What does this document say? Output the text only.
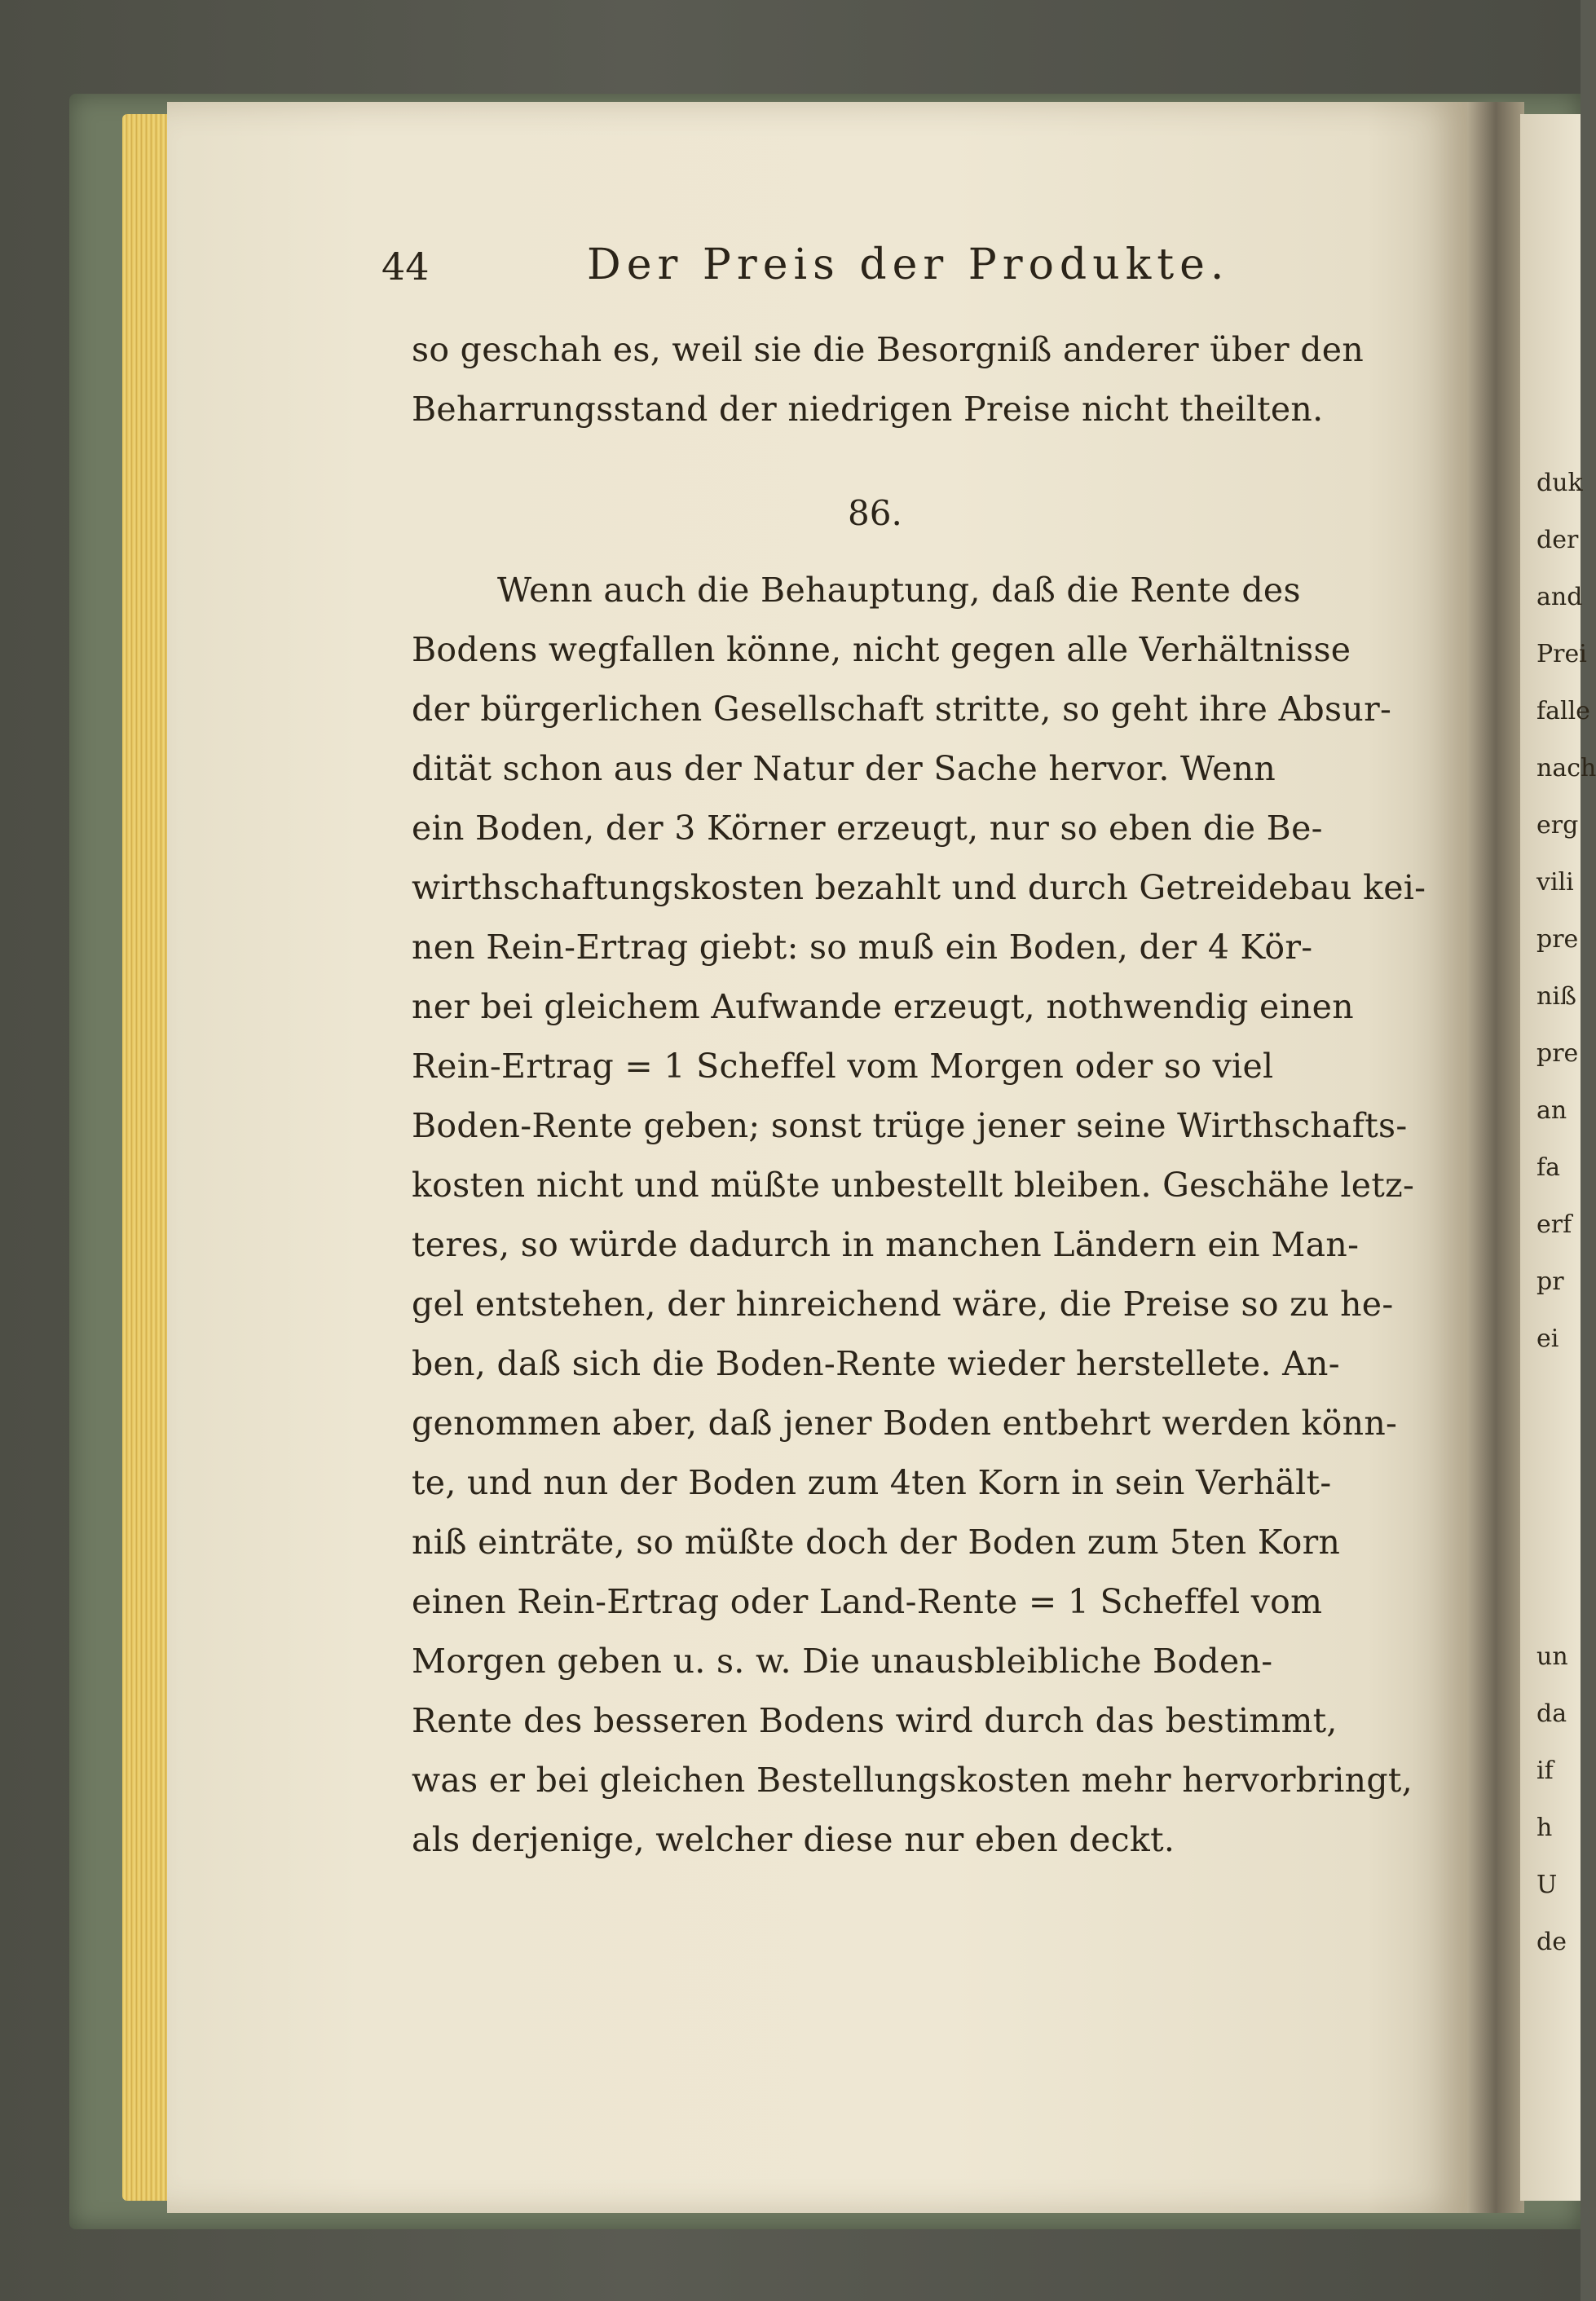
44	Der Preis der Produkte.
so geschah es, weil sie die Besorgniß anderer über den
Beharrungsstand der niedrigen Preise nicht theilten.
86.
Wenn auch die Behauptung, daß die Rente des
Bodens wegfallen könne, nicht gegen alle Verhältnisse
der bürgerlichen Gesellschaft stritte, so geht ihre Absur-
dität schon aus der Natur der Sache hervor. Wenn
ein Boden, der 3 Körner erzeugt, nur so eben die Be-
wirthschaftungskosten bezahlt und durch Getreidebau kei-
nen Rein-Ertrag giebt: so muß ein Boden, der 4 Kör-
ner bei gleichem Aufwande erzeugt, nothwendig einen
Rein-Ertrag = 1 Scheffel vom Morgen oder so viel
Boden-Rente geben; sonst trüge jener seine Wirthschafts-
kosten nicht und müßte unbestellt bleiben. Geschähe letz-
teres, so würde dadurch in manchen Ländern ein Man-
gel entstehen, der hinreichend wäre, die Preise so zu he-
ben, daß sich die Boden-Rente wieder herstellete. An-
genommen aber, daß jener Boden entbehrt werden könn-
te, und nun der Boden zum 4ten Korn in sein Verhält-
niß einträte, so müßte doch der Boden zum 5ten Korn
einen Rein-Ertrag oder Land-Rente = 1 Scheffel vom
Morgen geben u. s. w. Die unausbleibliche Boden-
Rente des besseren Bodens wird durch das bestimmt,
was er bei gleichen Bestellungskosten mehr hervorbringt,
als derjenige, welcher diese nur eben deckt.
duk
der
and
Prei
falle
nach
erg
vili
pre
niß
pre
an
fa
erf
pr
ei
un
da
if
h
U
de
